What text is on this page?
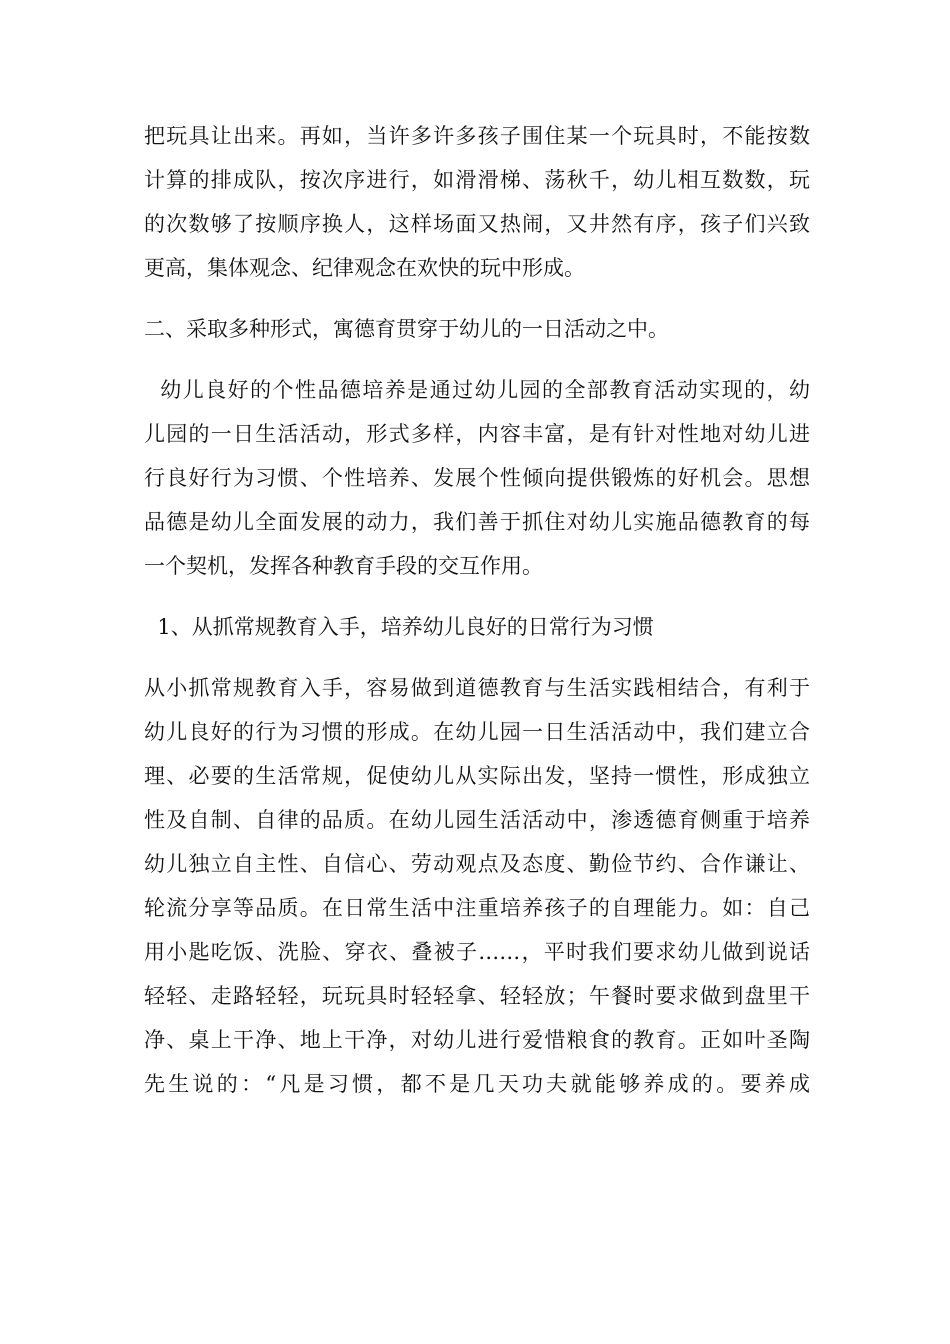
把玩具让出来。再如，当许多许多孩子围住某一个玩具时，不能按数
计算的排成队，按次序进行，如滑滑梯、荡秋千，幼儿相互数数，玩
的次数够了按顺序换人，这样场面又热闹，又井然有序，孩子们兴致
更高，集体观念、纪律观念在欢快的玩中形成。
二、采取多种形式，寓德育贯穿于幼儿的一日活动之中。
幼儿良好的个性品德培养是通过幼儿园的全部教育活动实现的，幼
儿园的一日生活活动，形式多样，内容丰富，是有针对性地对幼儿进
行良好行为习惯、个性培养、发展个性倾向提供锻炼的好机会。思想
品德是幼儿全面发展的动力，我们善于抓住对幼儿实施品德教育的每
一个契机，发挥各种教育手段的交互作用。
1、从抓常规教育入手，培养幼儿良好的日常行为习惯
从小抓常规教育入手，容易做到道德教育与生活实践相结合，有利于
幼儿良好的行为习惯的形成。在幼儿园一日生活活动中，我们建立合
理、必要的生活常规，促使幼儿从实际出发，坚持一惯性，形成独立
性及自制、自律的品质。在幼儿园生活活动中，渗透德育侧重于培养
幼儿独立自主性、自信心、劳动观点及态度、勤俭节约、合作谦让、
轮流分享等品质。在日常生活中注重培养孩子的自理能力。如：自己
用小匙吃饭、洗脸、穿衣、叠被子……，平时我们要求幼儿做到说话
轻轻、走路轻轻，玩玩具时轻轻拿、轻轻放；午餐时要求做到盘里干
净、桌上干净、地上干净，对幼儿进行爱惜粮食的教育。正如叶圣陶
先生说的：“凡是习惯，都不是几天功夫就能够养成的。要养成
